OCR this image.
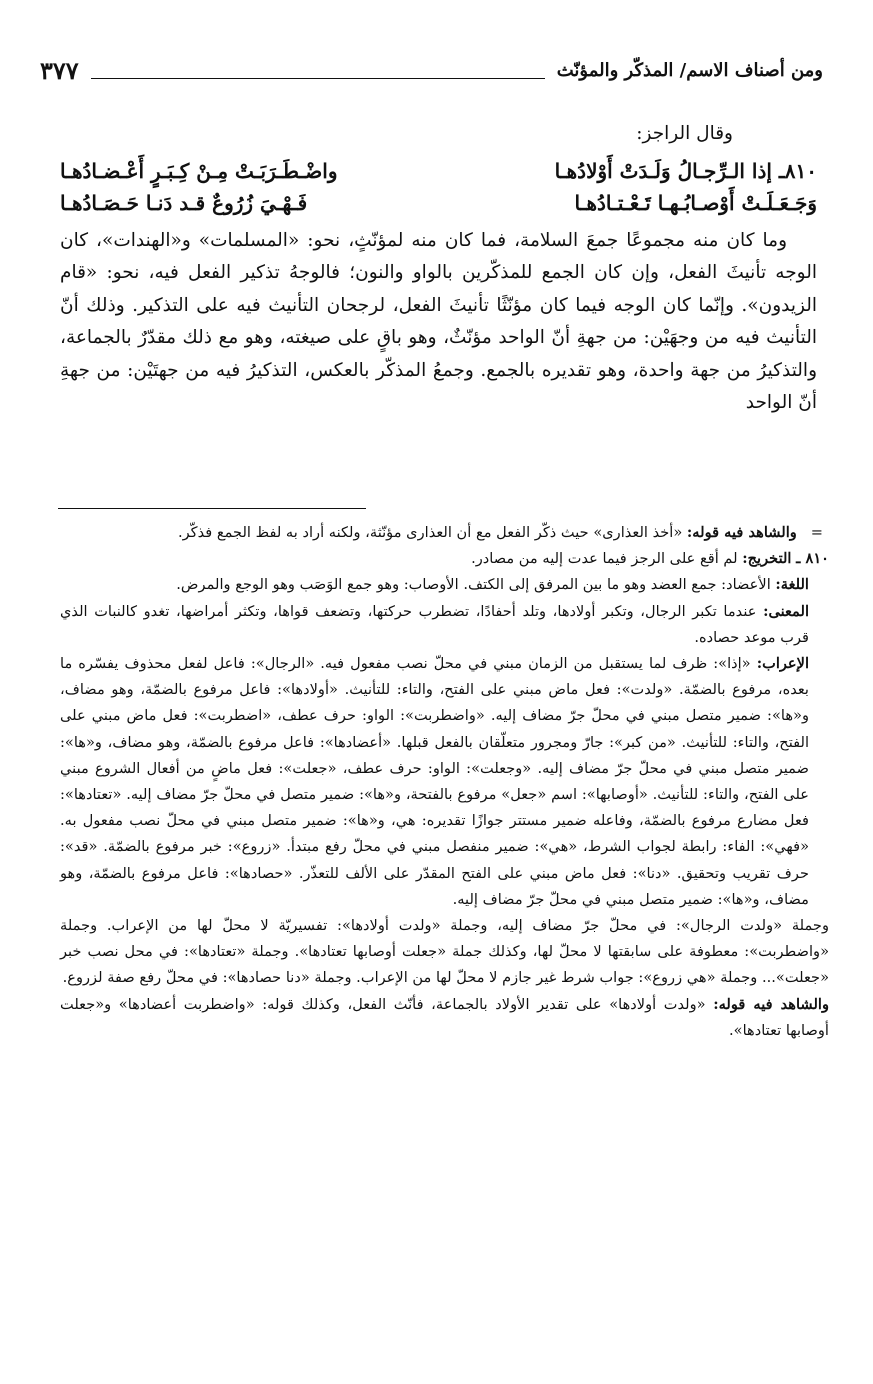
ومن أصناف الاسم/ المذكّر والمؤنّث
٣٧٧

وقال الراجز:

٨١٠ـ إذا الـرِّجـالُ وَلَـدَتْ أَوْلادُهـا
واضْـطَـرَبَـتْ مِـنْ كِـبَـرٍ أَعْـضـادُهـا
وَجَـعَـلَـتْ أَوْصـابُـهـا تَـعْـتـادُهـا
فَـهْـيَ زُرُوعٌ قـد دَنـا حَـصَـادُهـا

وما كان منه مجموعًا جمعَ السلامة، فما كان منه لمؤنّثٍ، نحو: «المسلمات» و«الهندات»، كان الوجه تأنيثَ الفعل، وإن كان الجمع للمذكّرين بالواو والنون؛ فالوجهُ تذكير الفعل فيه، نحو: «قام الزيدون». وإنّما كان الوجه فيما كان مؤنّثًا تأنيثَ الفعل، لرجحان التأنيث فيه على التذكير. وذلك أنّ التأنيث فيه من وجهَيْن: من جهةِ أنّ الواحد مؤنّثٌ، وهو باقٍ على صيغته، وهو مع ذلك مقدّرٌ بالجماعة، والتذكيرُ من جهة واحدة، وهو تقديره بالجمع. وجمعُ المذكّر بالعكس، التذكيرُ فيه من جهتَيْن: من جهةِ أنّ الواحد

=   والشاهد فيه قوله: «أخذ العذارى» حيث ذكّر الفعل مع أن العذارى مؤنّثة، ولكنه أراد به لفظ الجمع فذكّر.

٨١٠ ـ التخريج: لم أقع على الرجز فيما عدت إليه من مصادر.

اللغة: الأعضاد: جمع العضد وهو ما بين المرفق إلى الكتف. الأوصاب: وهو جمع الوَصَب وهو الوجع والمرض.

المعنى: عندما تكبر الرجال، وتكبر أولادها، وتلد أحفادًا، تضطرب حركتها، وتضعف قواها، وتكثر أمراضها، تغدو كالنبات الذي قرب موعد حصاده.

الإعراب: «إذا»: ظرف لما يستقبل من الزمان مبني في محلّ نصب مفعول فيه. «الرجال»: فاعل لفعل محذوف يفسّره ما بعده، مرفوع بالضمّة. «ولدت»: فعل ماض مبني على الفتح، والتاء: للتأنيث. «أولادها»: فاعل مرفوع بالضمّة، وهو مضاف، و«ها»: ضمير متصل مبني في محلّ جرّ مضاف إليه. «واضطربت»: الواو: حرف عطف، «اضطربت»: فعل ماض مبني على الفتح، والتاء: للتأنيث. «من كبر»: جارّ ومجرور متعلّقان بالفعل قبلها. «أعضادها»: فاعل مرفوع بالضمّة، وهو مضاف، و«ها»: ضمير متصل مبني في محلّ جرّ مضاف إليه. «وجعلت»: الواو: حرف عطف، «جعلت»: فعل ماضٍ من أفعال الشروع مبني على الفتح، والتاء: للتأنيث. «أوصابها»: اسم «جعل» مرفوع بالفتحة، و«ها»: ضمير متصل في محلّ جرّ مضاف إليه. «تعتادها»: فعل مضارع مرفوع بالضمّة، وفاعله ضمير مستتر جوازًا تقديره: هي، و«ها»: ضمير متصل مبني في محلّ نصب مفعول به. «فهي»: الفاء: رابطة لجواب الشرط، «هي»: ضمير منفصل مبني في محلّ رفع مبتدأ. «زروع»: خبر مرفوع بالضمّة. «قد»: حرف تقريب وتحقيق. «دنا»: فعل ماض مبني على الفتح المقدّر على الألف للتعذّر. «حصادها»: فاعل مرفوع بالضمّة، وهو مضاف، و«ها»: ضمير متصل مبني في محلّ جرّ مضاف إليه.

وجملة «ولدت الرجال»: في محلّ جرّ مضاف إليه، وجملة «ولدت أولادها»: تفسيريّة لا محلّ لها من الإعراب. وجملة «واضطربت»: معطوفة على سابقتها لا محلّ لها، وكذلك جملة «جعلت أوصابها تعتادها». وجملة «تعتادها»: في محل نصب خبر «جعلت»... وجملة «هي زروع»: جواب شرط غير جازم لا محلّ لها من الإعراب. وجملة «دنا حصادها»: في محلّ رفع صفة لزروع.

والشاهد فيه قوله: «ولدت أولادها» على تقدير الأولاد بالجماعة، فأنّث الفعل، وكذلك قوله: «واضطربت أعضادها» و«جعلت أوصابها تعتادها».
